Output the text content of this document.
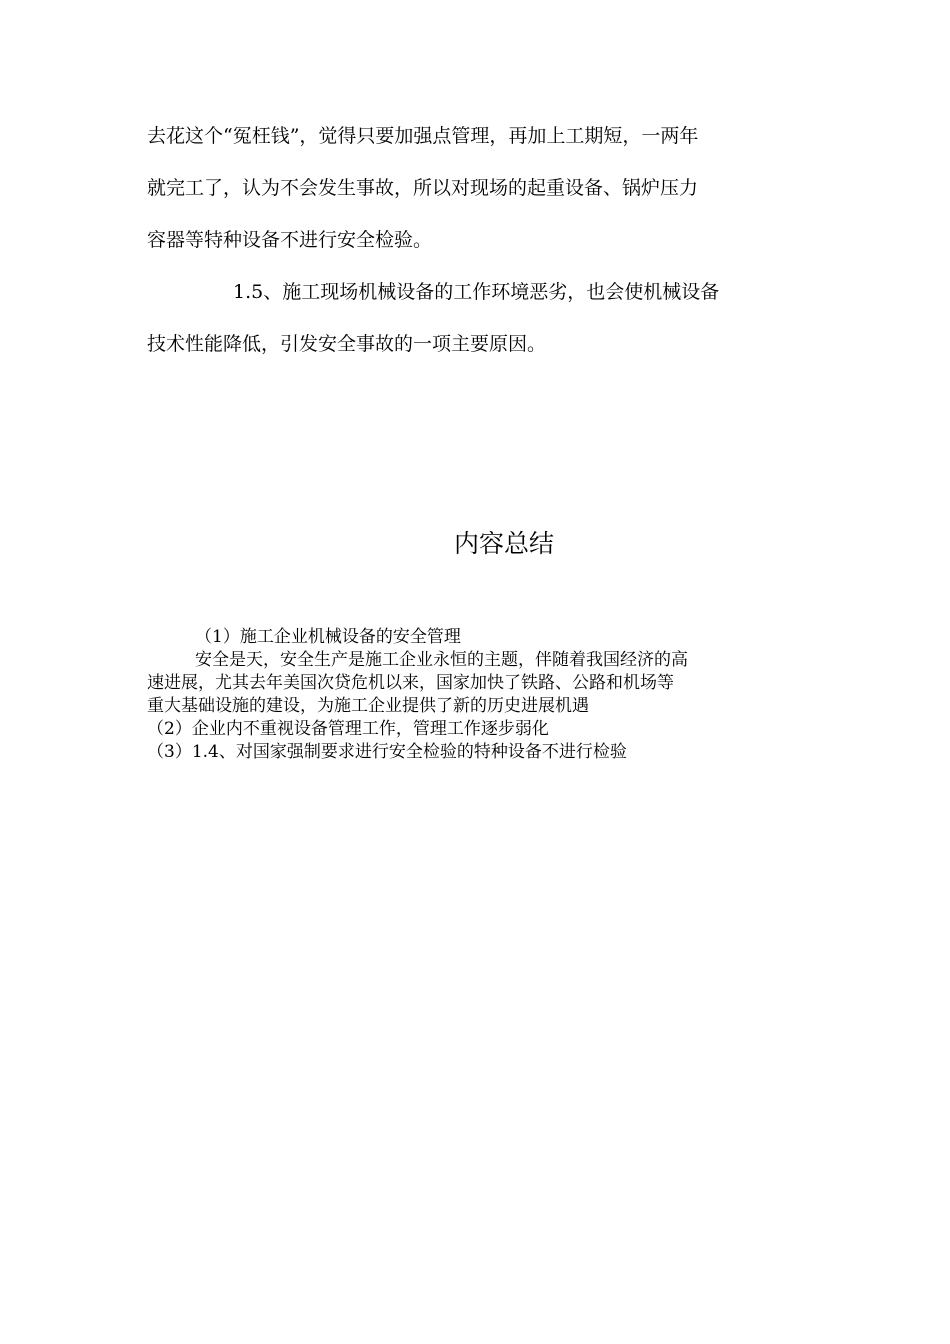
去花这个“冤枉钱”，觉得只要加强点管理，再加上工期短，一两年
就完工了，认为不会发生事故，所以对现场的起重设备、锅炉压力
容器等特种设备不进行安全检验。
1.5、施工现场机械设备的工作环境恶劣，也会使机械设备
技术性能降低，引发安全事故的一项主要原因。
内容总结
（1）施工企业机械设备的安全管理
安全是天，安全生产是施工企业永恒的主题，伴随着我国经济的高
速进展，尤其去年美国次贷危机以来，国家加快了铁路、公路和机场等
重大基础设施的建设，为施工企业提供了新的历史进展机遇
（2）企业内不重视设备管理工作，管理工作逐步弱化
（3）1.4、对国家强制要求进行安全检验的特种设备不进行检验
